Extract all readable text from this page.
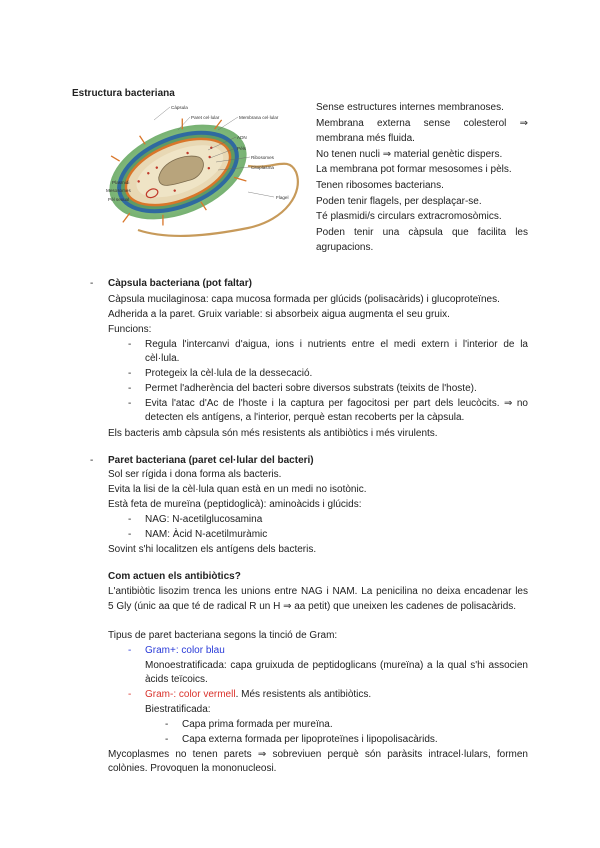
Estructura bacteriana
Càpsula
Paret cel·lular	Membrana cel·lular
ADN
Pèls
Ribosomes
Citoplasma
Flagel
Plasmidi
Mesosomes
Pèl sexual

Sense estructures internes membranoses.

Membrana externa sense colesterol ⇒

membrana més fluida.

No tenen nucli ⇒ material genètic dispers.

La membrana pot formar mesosomes i pèls.

Tenen ribosomes bacterians.

Poden tenir flagels, per desplaçar-se.

Té plasmidi/s circulars extracromosòmics.

Poden tenir una càpsula que facilita les

agrupacions.

- Càpsula bacteriana (pot faltar)
Càpsula mucilaginosa: capa mucosa formada per glúcids (polisacàrids) i glucoproteïnes.
Adherida a la paret. Gruix variable: si absorbeix aigua augmenta el seu gruix.
Funcions:
- Regula l'intercanvi d'aigua, ions i nutrients entre el medi extern i l'interior de la
cèl·lula.
- Protegeix la cèl·lula de la dessecació.
- Permet l'adherència del bacteri sobre diversos substrats (teixits de l'hoste).
- Evita l'atac d'Ac de l'hoste i la captura per fagocitosi per part dels leucòcits. ⇒ no
detecten els antígens, a l'interior, perquè estan recoberts per la càpsula.
Els bacteris amb càpsula són més resistents als antibiòtics i més virulents.
- Paret bacteriana (paret cel·lular del bacteri)
Sol ser rígida i dona forma als bacteris.
Evita la lisi de la cèl·lula quan està en un medi no isotònic.
Està feta de mureïna (peptidoglicà): aminoàcids i glúcids:
- NAG: N-acetilglucosamina
- NAM: Àcid N-acetilmuràmic
Sovint s'hi localitzen els antígens dels bacteris.
Com actuen els antibiòtics?
L'antibiòtic lisozim trenca les unions entre NAG i NAM. La penicilina no deixa encadenar les
5 Gly (únic aa que té de radical R un H ⇒ aa petit) que uneixen les cadenes de polisacàrids.
Tipus de paret bacteriana segons la tinció de Gram:
- Gram+: color blau
Monoestratificada: capa gruixuda de peptidoglicans (mureïna) a la qual s'hi associen
àcids teïcoics.
- Gram-: color vermell. Més resistents als antibiòtics.
Biestratificada:
- Capa prima formada per mureïna.
- Capa externa formada per lipoproteïnes i lipopolisacàrids.
Mycoplasmes no tenen parets ⇒ sobreviuen perquè són paràsits intracel·lulars, formen
colònies. Provoquen la mononucleosi.
